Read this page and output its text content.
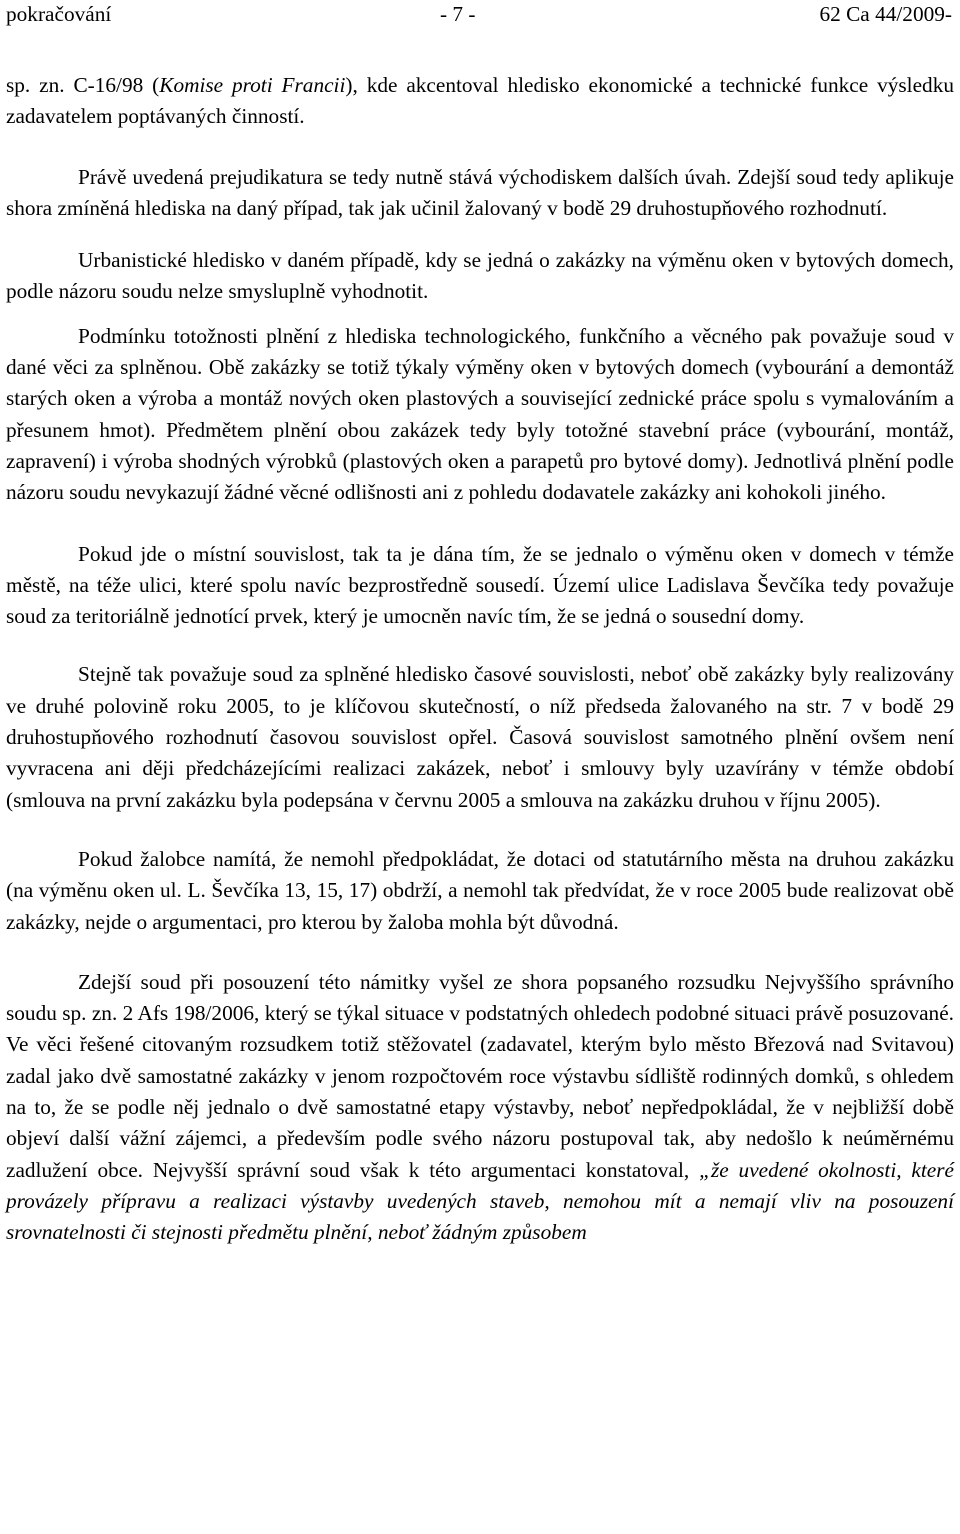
pokračování	- 7 -	62 Ca 44/2009-

sp. zn. C-16/98 (Komise proti Francii), kde akcentoval hledisko ekonomické a technické funkce výsledku zadavatelem poptávaných činností.

Právě uvedená prejudikatura se tedy nutně stává východiskem dalších úvah. Zdejší soud tedy aplikuje shora zmíněná hlediska na daný případ, tak jak učinil žalovaný v bodě 29 druhostupňového rozhodnutí.

Urbanistické hledisko v daném případě, kdy se jedná o zakázky na výměnu oken v bytových domech, podle názoru soudu nelze smysluplně vyhodnotit.

Podmínku totožnosti plnění z hlediska technologického, funkčního a věcného pak považuje soud v dané věci za splněnou. Obě zakázky se totiž týkaly výměny oken v bytových domech (vybourání a demontáž starých oken a výroba a montáž nových oken plastových a související zednické práce spolu s vymalováním a přesunem hmot). Předmětem plnění obou zakázek tedy byly totožné stavební práce (vybourání, montáž, zapravení) i výroba shodných výrobků (plastových oken a parapetů pro bytové domy). Jednotlivá plnění podle názoru soudu nevykazují žádné věcné odlišnosti ani z pohledu dodavatele zakázky ani kohokoli jiného.

Pokud jde o místní souvislost, tak ta je dána tím, že se jednalo o výměnu oken v domech v témže městě, na téže ulici, které spolu navíc bezprostředně sousedí. Území ulice Ladislava Ševčíka tedy považuje soud za teritoriálně jednotící prvek, který je umocněn navíc tím, že se jedná o sousední domy.

Stejně tak považuje soud za splněné hledisko časové souvislosti, neboť obě zakázky byly realizovány ve druhé polovině roku 2005, to je klíčovou skutečností, o níž předseda žalovaného na str. 7 v bodě 29 druhostupňového rozhodnutí časovou souvislost opřel. Časová souvislost samotného plnění ovšem není vyvracena ani ději předcházejícími realizaci zakázek, neboť i smlouvy byly uzavírány v témže období (smlouva na první zakázku byla podepsána v červnu 2005 a smlouva na zakázku druhou v říjnu 2005).

Pokud žalobce namítá, že nemohl předpokládat, že dotaci od statutárního města na druhou zakázku (na výměnu oken ul. L. Ševčíka 13, 15, 17) obdrží, a nemohl tak předvídat, že v roce 2005 bude realizovat obě zakázky, nejde o argumentaci, pro kterou by žaloba mohla být důvodná.

Zdejší soud při posouzení této námitky vyšel ze shora popsaného rozsudku Nejvyššího správního soudu sp. zn. 2 Afs 198/2006, který se týkal situace v podstatných ohledech podobné situaci právě posuzované. Ve věci řešené citovaným rozsudkem totiž stěžovatel (zadavatel, kterým bylo město Březová nad Svitavou) zadal jako dvě samostatné zakázky v jenom rozpočtovém roce výstavbu sídliště rodinných domků, s ohledem na to, že se podle něj jednalo o dvě samostatné etapy výstavby, neboť nepředpokládal, že v nejbližší době objeví další vážní zájemci, a především podle svého názoru postupoval tak, aby nedošlo k neúměrnému zadlužení obce. Nejvyšší správní soud však k této argumentaci konstatoval, „že uvedené okolnosti, které provázely přípravu a realizaci výstavby uvedených staveb, nemohou mít a nemají vliv na posouzení srovnatelnosti či stejnosti předmětu plnění, neboť žádným způsobem
